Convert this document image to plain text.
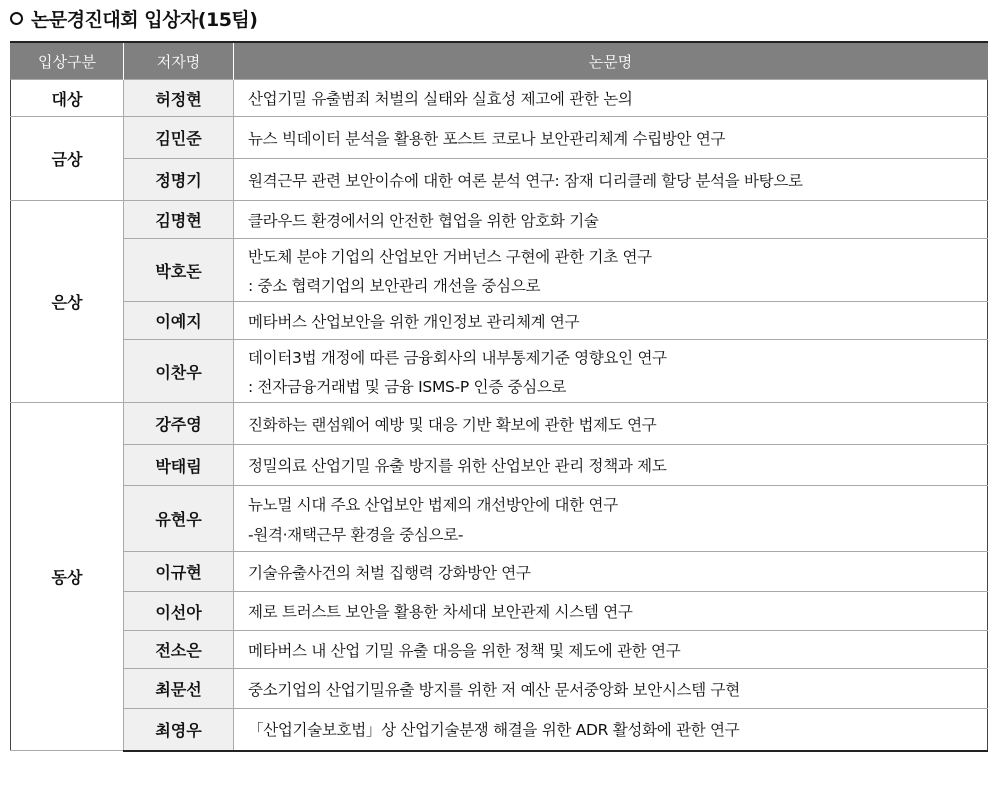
논문경진대회 입상자(15팀)
입상구분	저자명	논문명
대상	허정현	산업기밀 유출범죄 처벌의 실태와 실효성 제고에 관한 논의

금상	김민준	뉴스 빅데이터 분석을 활용한 포스트 코로나 보안관리체계 수립방안 연구

	정명기	원격근무 관련 보안이슈에 대한 여론 분석 연구: 잠재 디리클레 할당 분석을 바탕으로

은상	김명현	클라우드 환경에서의 안전한 협업을 위한 암호화 기술

	박호돈	반도체 분야 기업의 산업보안 거버넌스 구현에 관한 기초 연구
: 중소 협력기업의 보안관리 개선을 중심으로

	이예지	메타버스 산업보안을 위한 개인정보 관리체계 연구

	이찬우	데이터3법 개정에 따른 금융회사의 내부통제기준 영향요인 연구
: 전자금융거래법 및 금융 ISMS-P 인증 중심으로

동상	강주영	진화하는 랜섬웨어 예방 및 대응 기반 확보에 관한 법제도 연구

	박태림	정밀의료 산업기밀 유출 방지를 위한 산업보안 관리 정책과 제도

	유현우	뉴노멀 시대 주요 산업보안 법제의 개선방안에 대한 연구
-원격·재택근무 환경을 중심으로-

	이규현	기술유출사건의 처벌 집행력 강화방안 연구

	이선아	제로 트러스트 보안을 활용한 차세대 보안관제 시스템 연구

	전소은	메타버스 내 산업 기밀 유출 대응을 위한 정책 및 제도에 관한 연구

	최문선	중소기업의 산업기밀유출 방지를 위한 저 예산 문서중앙화 보안시스템 구현

	최영우	「산업기술보호법」상 산업기술분쟁 해결을 위한 ADR 활성화에 관한 연구
